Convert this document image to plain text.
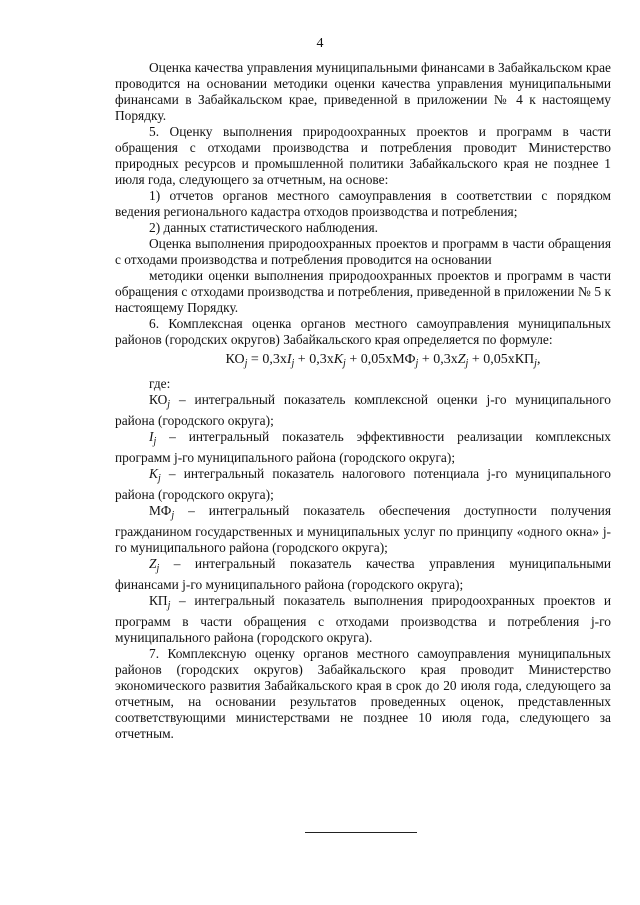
4

Оценка качества управления муниципальными финансами в Забайкальском крае проводится на основании методики оценки качества управления муниципальными финансами в Забайкальском крае, приведенной в приложении № 4 к настоящему Порядку.

5. Оценку выполнения природоохранных проектов и программ в части обращения с отходами производства и потребления проводит Министерство природных ресурсов и промышленной политики Забайкальского края не позднее 1 июля года, следующего за отчетным, на основе:

1) отчетов органов местного самоуправления в соответствии с порядком ведения регионального кадастра отходов производства и потребления;

2) данных статистического наблюдения.

Оценка выполнения природоохранных проектов и программ в части обращения с отходами производства и потребления проводится на основании

методики оценки выполнения природоохранных проектов и программ в части обращения с отходами производства и потребления, приведенной в приложении № 5 к настоящему Порядку.

6. Комплексная оценка органов местного самоуправления муниципальных районов (городских округов) Забайкальского края определяется по формуле:

$КО_j = 0,3хI_j + 0,3хK_j + 0,05хМФ_j + 0,3хZ_j + 0,05хКП_j$,

где:

$КО_j$ – интегральный показатель комплексной оценки j-го муниципального района (городского округа);

$I_j$ – интегральный показатель эффективности реализации комплексных программ j-го муниципального района (городского округа);

$K_j$ – интегральный показатель налогового потенциала j-го муниципального района (городского округа);

$МФ_j$ – интегральный показатель обеспечения доступности получения гражданином государственных и муниципальных услуг по принципу «одного окна» j-го муниципального района (городского округа);

$Z_j$ – интегральный показатель качества управления муниципальными финансами j-го муниципального района (городского округа);

$КП_j$ – интегральный показатель выполнения природоохранных проектов и программ в части обращения с отходами производства и потребления j-го муниципального района (городского округа).

7. Комплексную оценку органов местного самоуправления муниципальных районов (городских округов) Забайкальского края проводит Министерство экономического развития Забайкальского края в срок до 20 июля года, следующего за отчетным, на основании результатов проведенных оценок, представленных соответствующими министерствами не позднее 10 июля года, следующего за отчетным.
